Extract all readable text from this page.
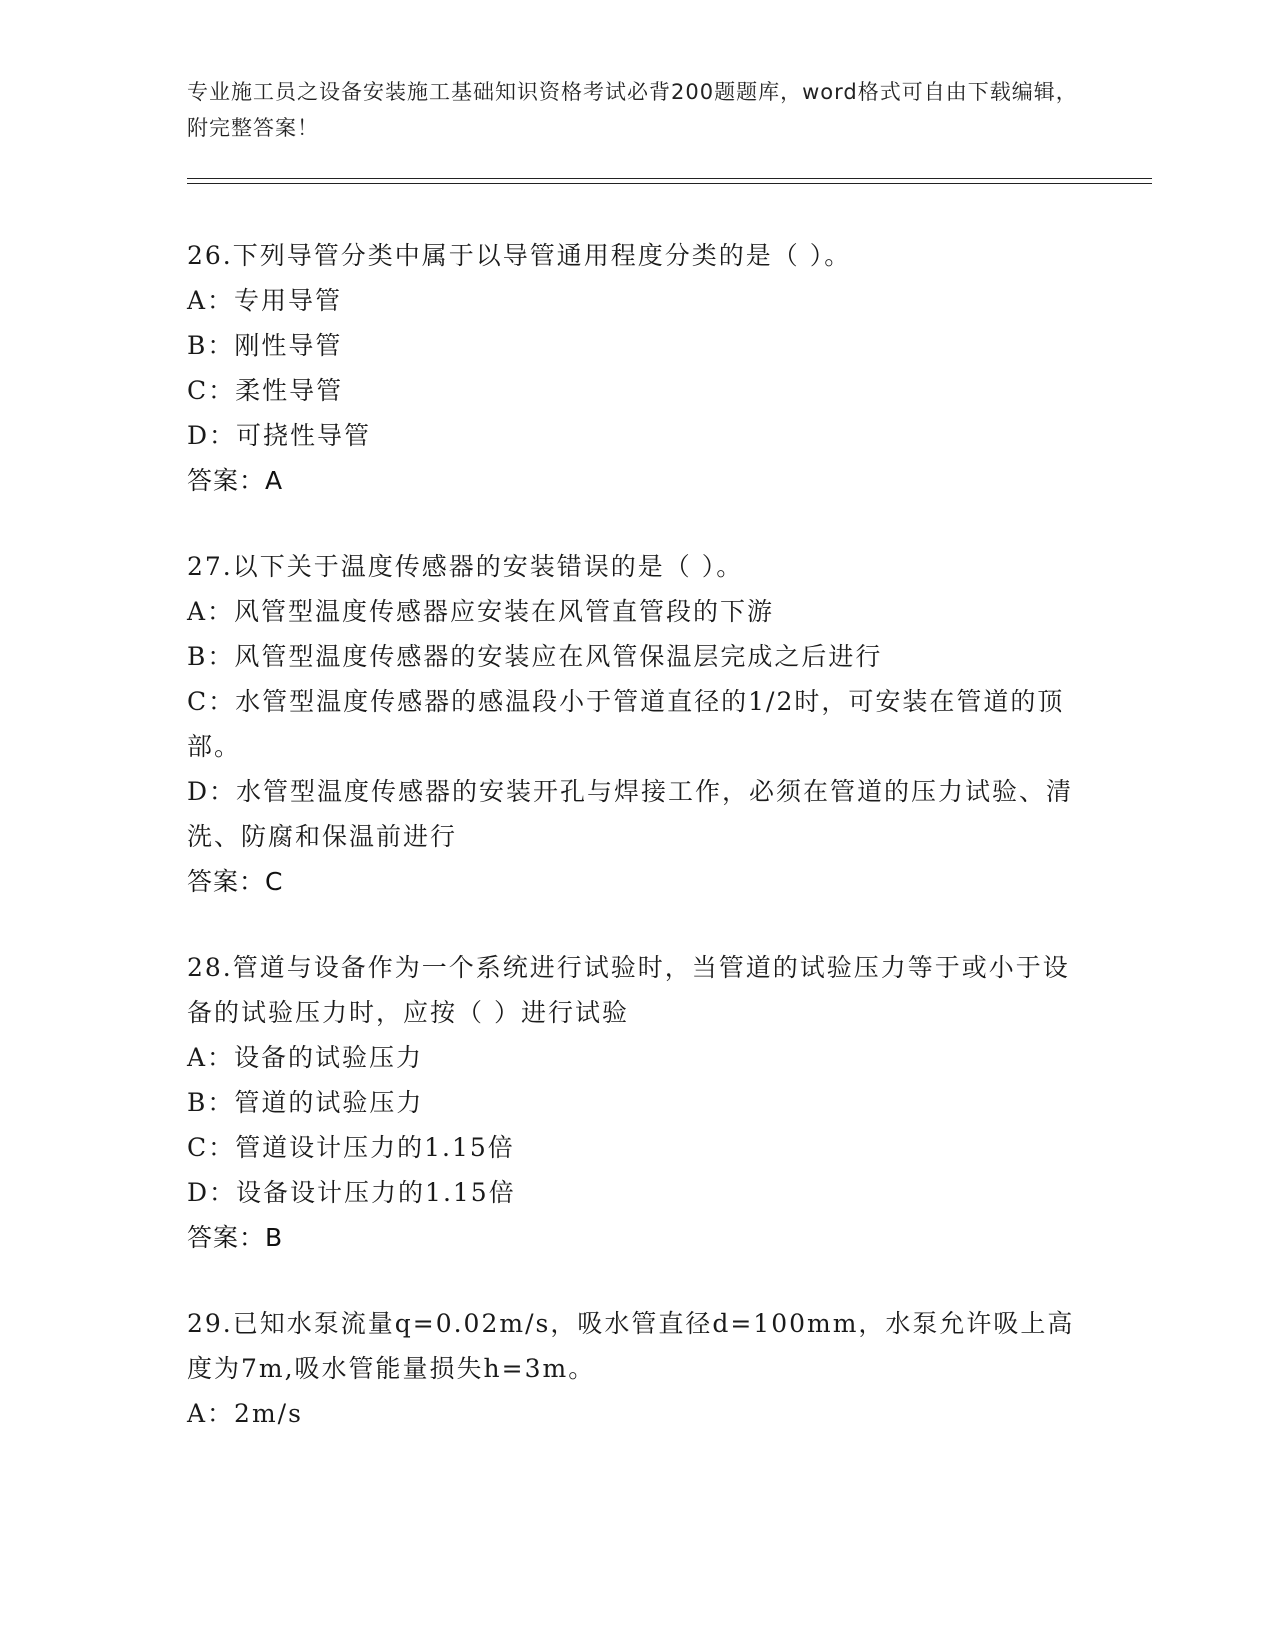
专业施工员之设备安装施工基础知识资格考试必背200题题库，word格式可自由下载编辑，附完整答案！
26.下列导管分类中属于以导管通用程度分类的是（ ）。
A：专用导管
B：刚性导管
C：柔性导管
D：可挠性导管
答案：A
27.以下关于温度传感器的安装错误的是（ ）。
A：风管型温度传感器应安装在风管直管段的下游
B：风管型温度传感器的安装应在风管保温层完成之后进行
C：水管型温度传感器的感温段小于管道直径的1/2时，可安装在管道的顶部。
D：水管型温度传感器的安装开孔与焊接工作，必须在管道的压力试验、清洗、防腐和保温前进行
答案：C
28.管道与设备作为一个系统进行试验时，当管道的试验压力等于或小于设备的试验压力时，应按（ ）进行试验
A：设备的试验压力
B：管道的试验压力
C：管道设计压力的1.15倍
D：设备设计压力的1.15倍
答案：B
29.已知水泵流量q=0.02m/s，吸水管直径d=100mm，水泵允许吸上高度为7m,吸水管能量损失h=3m。
A：2m/s
